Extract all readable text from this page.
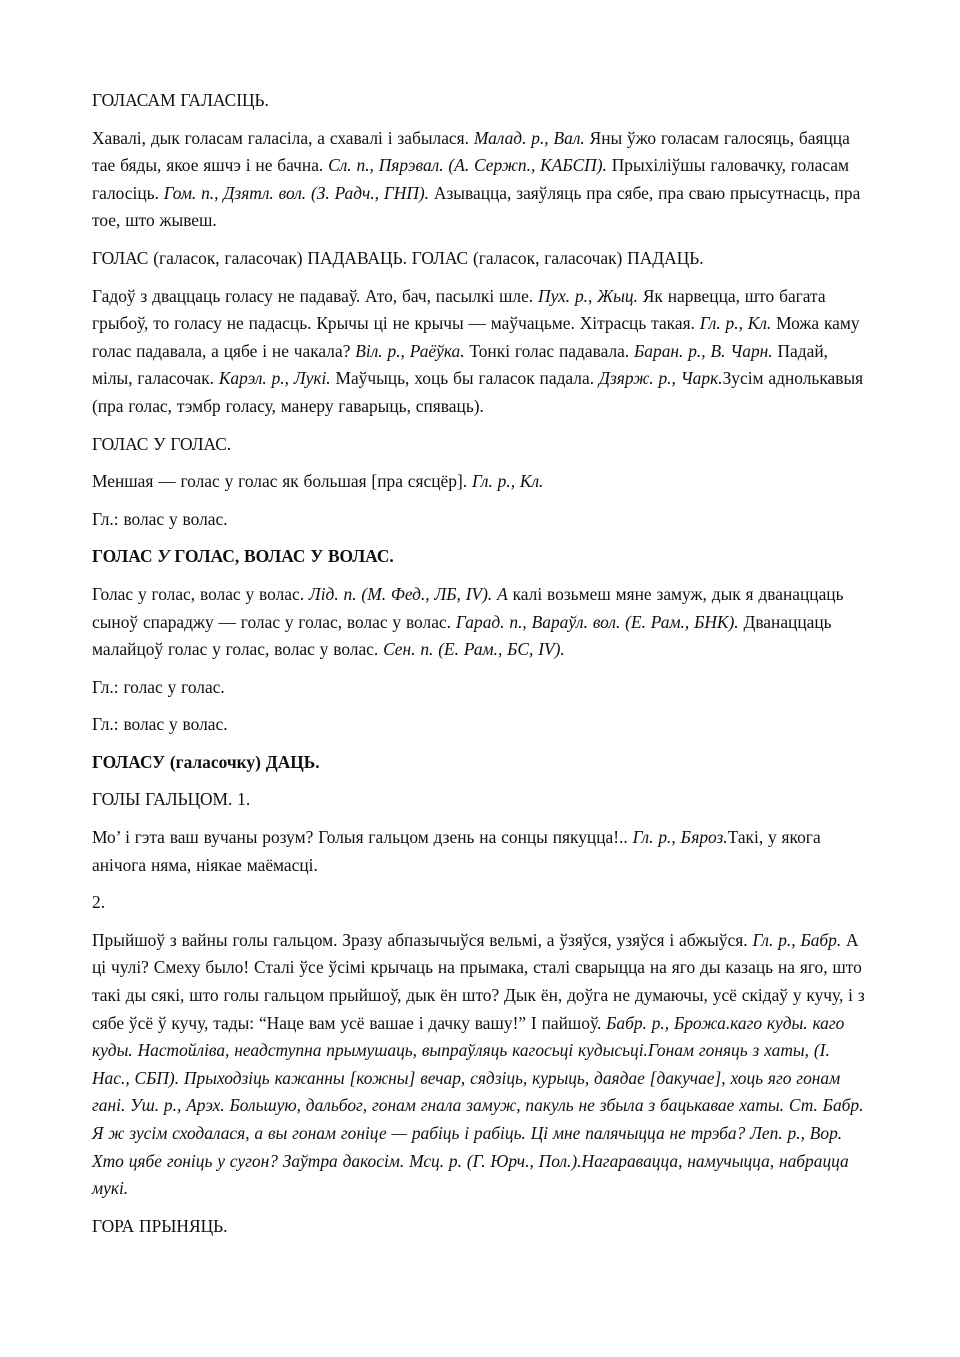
ГОЛАСАМ ГАЛАСІЦЬ.

Хавалі, дык голасам галасіла, а схавалі і забылася. Малад. р., Вал. Яны ўжо голасам галосяць, баяцца тае бяды, якое яшчэ і не бачна. Сл. п., Пярэвал. (А. Сержп., КАБСП). Прыхіліўшы галовачку, голасам галосіць. Гом. п., Дзятл. вол. (З. Радч., ГНП). Азывацца, заяўляць пра сябе, пра сваю прысутнасць, пра тое, што жывеш.

ГОЛАС (галасок, галасочак) ПАДАВАЦЬ. ГОЛАС (галасок, галасочак) ПАДАЦЬ.

Гадоў з дваццаць голасу не падаваў. Ато, бач, пасылкі шле. Пух. р., Жыц. Як нарвецца, што багата грыбоў, то голасу не падасць. Крычы ці не крычы — маўчацьме. Хітрасць такая. Гл. р., Кл. Можа каму голас падавала, а цябе і не чакала? Віл. р., Раёўка. Тонкі голас падавала. Баран. р., В. Чарн. Падай, мілы, галасочак. Карэл. р., Лукі. Маўчыць, хоць бы галасок падала. Дзярж. р., Чарк.Зусім аднолькавыя (пра голас, тэмбр голасу, манеру гаварыць, спяваць).

ГОЛАС У ГОЛАС.

Меншая — голас у голас як большая [пра сясцёр]. Гл. р., Кл.

Гл.: волас у волас.

ГОЛАС У ГОЛАС, ВОЛАС У ВОЛАС.

Голас у голас, волас у волас. Лід. п. (М. Фед., ЛБ, IV). А калі возьмеш мяне замуж, дык я дванаццаць сыноў спараджу — голас у голас, волас у волас. Гарад. п., Вараўл. вол. (Е. Рам., БНК). Дванаццаць малайцоў голас у голас, волас у волас. Сен. п. (Е. Рам., БС, IV).

Гл.: голас у голас.

Гл.: волас у волас.

ГОЛАСУ (галасочку) ДАЦЬ.

ГОЛЫ ГАЛЬЦОМ. 1.

Мо’ і гэта ваш вучаны розум? Голыя гальцом дзень на сонцы пякуцца!.. Гл. р., Бяроз.Такі, у якога анічога няма, ніякае маёмасці.

2.

Прыйшоў з вайны голы гальцом. Зразу абпазычыўся вельмі, а ўзяўся, узяўся і абжыўся. Гл. р., Бабр. А ці чулі? Смеху было! Сталі ўсе ўсімі крычаць на прымака, сталі сварыцца на яго ды казаць на яго, што такі ды сякі, што голы гальцом прыйшоў, дык ён што? Дык ён, доўга не думаючы, усё скідаў у кучу, і з сябе ўсё ў кучу, тады: “Наце вам усё вашае і дачку вашу!” І пайшоў. Бабр. р., Брожа.каго куды. каго куды. Настойліва, неадступна прымушаць, выпраўляць кагосьці кудысьці.Гонам гоняць з хаты, (І. Нас., СБП). Прыходзіць кажанны [кожны] вечар, сядзіць, курыць, даядае [дакучае], хоць яго гонам гані. Уш. р., Арэх. Большую, дальбог, гонам гнала замуж, пакуль не збыла з бацькавае хаты. Ст. Бабр. Я ж зусім сходалася, а вы гонам гоніце — рабіць і рабіць. Ці мне палячыцца не трэба? Леп. р., Вор. Хто цябе гоніць у сугон? Заўтра дакосім. Мсц. р. (Г. Юрч., Пол.).Нагаравацца, намучыцца, набрацца мукі.

ГОРА ПРЫНЯЦЬ.
